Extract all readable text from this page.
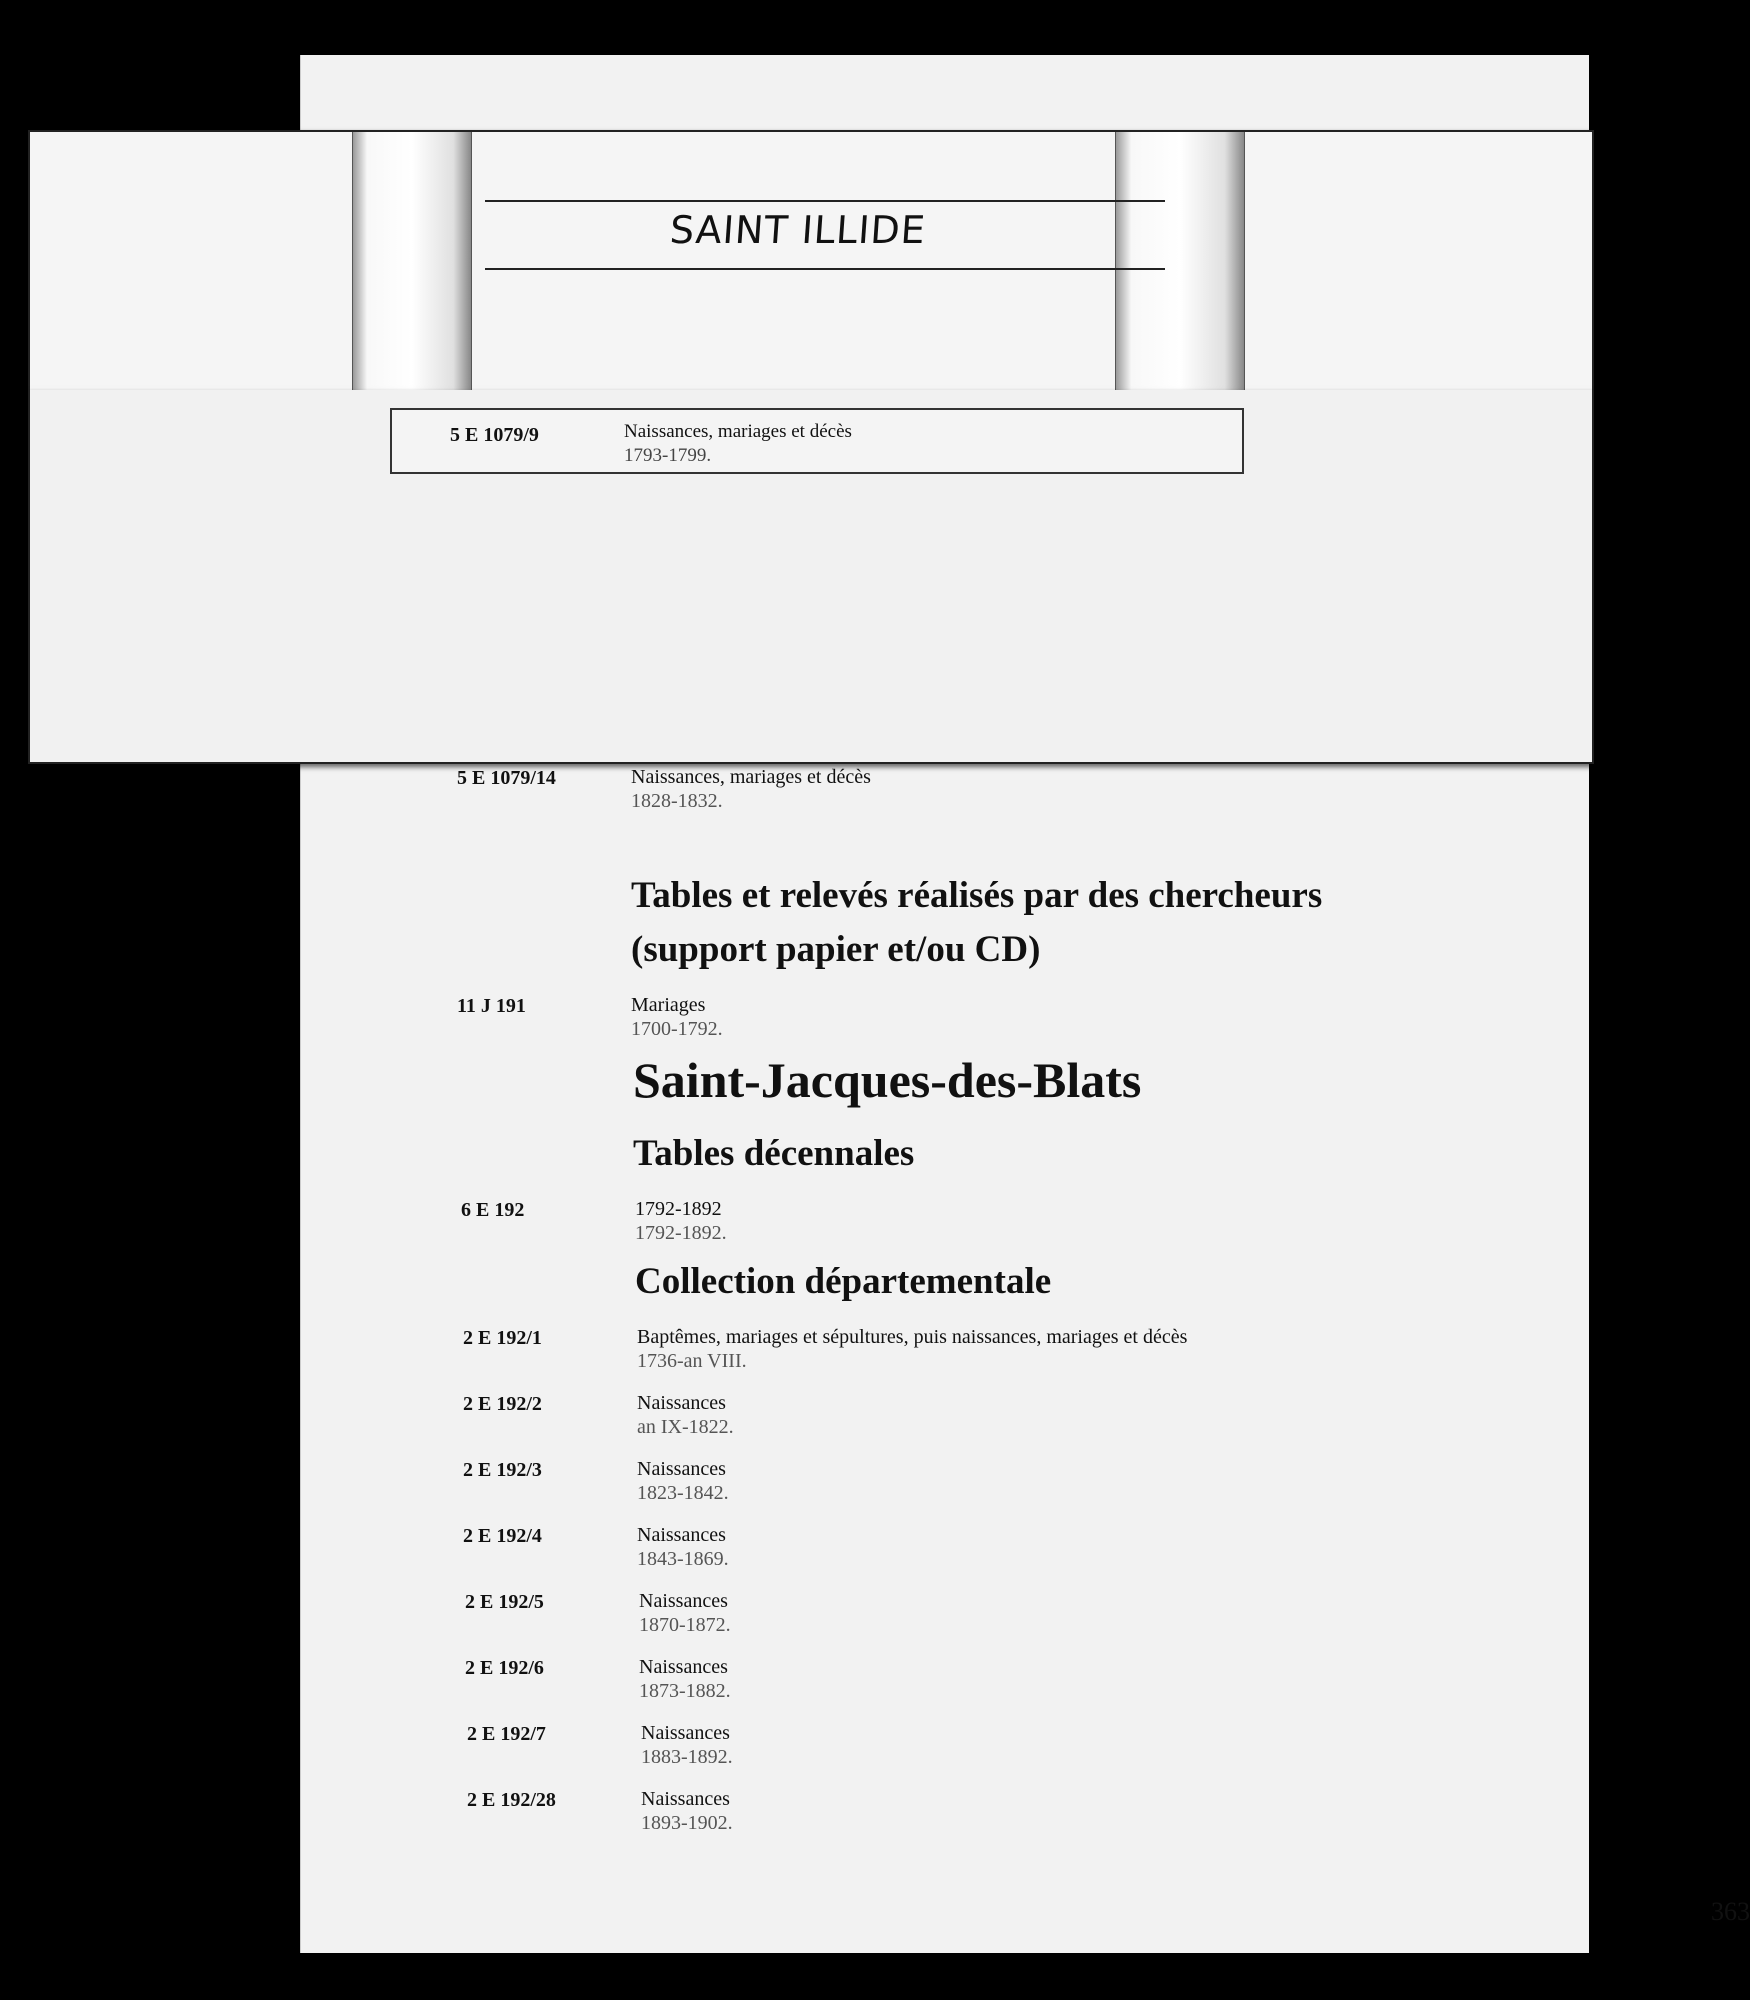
5 E 1079/14	Naissances, mariages et décès
1828-1832.
Tables et relevés réalisés par des chercheurs
(support papier et/ou CD)
11 J 191	Mariages
1700-1792.
Saint-Jacques-des-Blats
Tables décennales
6 E 192	1792-1892
1792-1892.
Collection départementale
2 E 192/1	Baptêmes, mariages et sépultures, puis naissances, mariages et décès
1736-an VIII.
2 E 192/2	Naissances
an IX-1822.
2 E 192/3	Naissances
1823-1842.
2 E 192/4	Naissances
1843-1869.
2 E 192/5	Naissances
1870-1872.
2 E 192/6	Naissances
1873-1882.
2 E 192/7	Naissances
1883-1892.
2 E 192/28	Naissances
1893-1902.
363
SAINT ILLIDE
5 E 1079/9	Naissances, mariages et décès
1793-1799.
